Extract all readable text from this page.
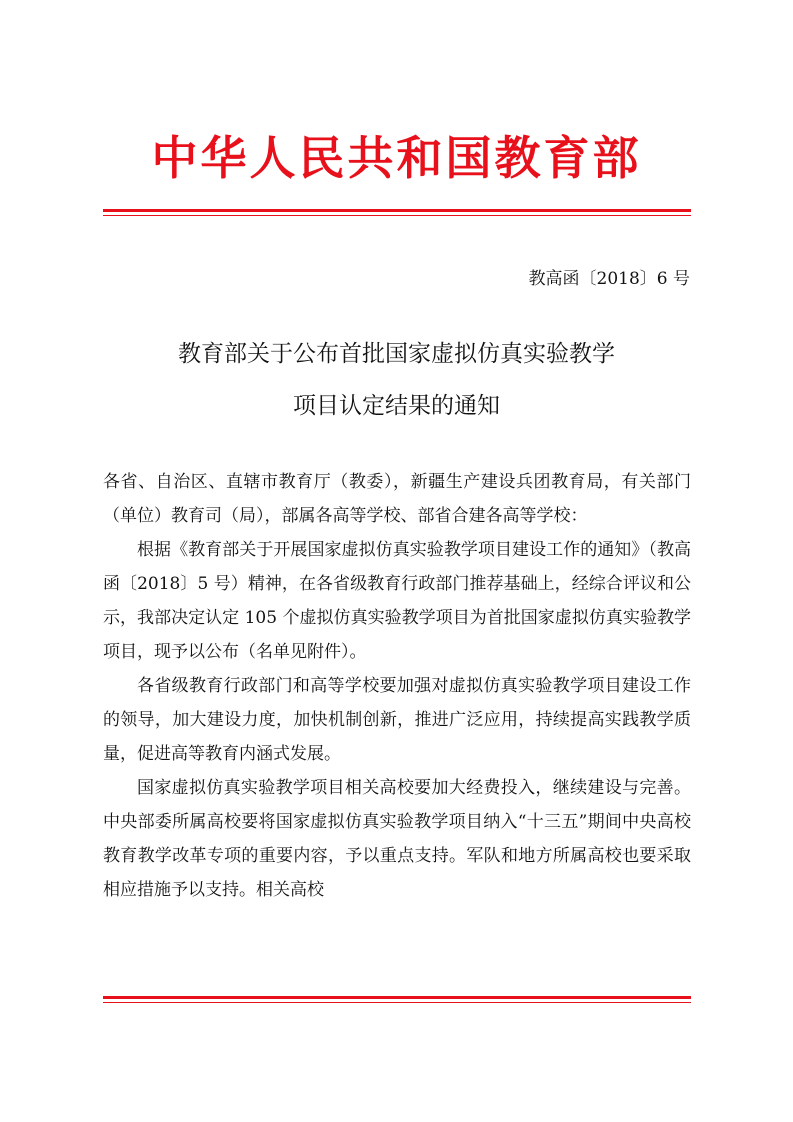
中华人民共和国教育部
教高函〔2018〕6 号
教育部关于公布首批国家虚拟仿真实验教学
项目认定结果的通知

各省、自治区、直辖市教育厅（教委），新疆生产建设兵团教育局，有关部门（单位）教育司（局），部属各高等学校、部省合建各高等学校：

根据《教育部关于开展国家虚拟仿真实验教学项目建设工作的通知》（教高函〔2018〕5 号）精神，在各省级教育行政部门推荐基础上，经综合评议和公示，我部决定认定 105 个虚拟仿真实验教学项目为首批国家虚拟仿真实验教学项目，现予以公布（名单见附件）。

各省级教育行政部门和高等学校要加强对虚拟仿真实验教学项目建设工作的领导，加大建设力度，加快机制创新，推进广泛应用，持续提高实践教学质量，促进高等教育内涵式发展。

国家虚拟仿真实验教学项目相关高校要加大经费投入，继续建设与完善。中央部委所属高校要将国家虚拟仿真实验教学项目纳入“十三五”期间中央高校教育教学改革专项的重要内容，予以重点支持。军队和地方所属高校也要采取相应措施予以支持。相关高校
